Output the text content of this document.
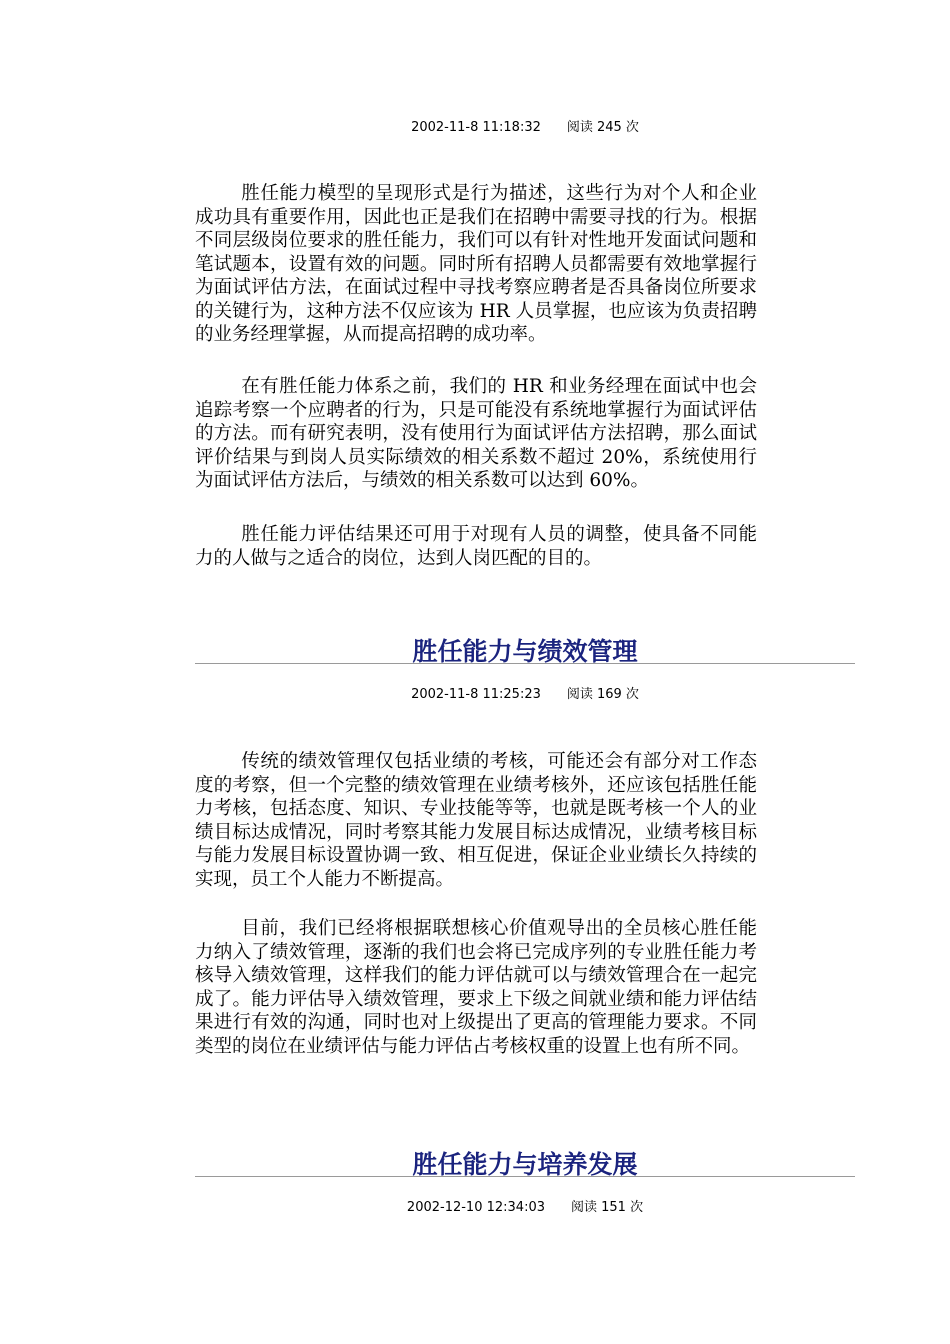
2002-11-8 11:18:32 阅读 245 次

胜任能力模型的呈现形式是行为描述，这些行为对个人和企业成功具有重要作用，因此也正是我们在招聘中需要寻找的行为。根据不同层级岗位要求的胜任能力，我们可以有针对性地开发面试问题和笔试题本，设置有效的问题。同时所有招聘人员都需要有效地掌握行为面试评估方法，在面试过程中寻找考察应聘者是否具备岗位所要求的关键行为，这种方法不仅应该为 HR 人员掌握，也应该为负责招聘的业务经理掌握，从而提高招聘的成功率。

在有胜任能力体系之前，我们的 HR 和业务经理在面试中也会追踪考察一个应聘者的行为，只是可能没有系统地掌握行为面试评估的方法。而有研究表明，没有使用行为面试评估方法招聘，那么面试评价结果与到岗人员实际绩效的相关系数不超过 20%，系统使用行为面试评估方法后，与绩效的相关系数可以达到 60%。

胜任能力评估结果还可用于对现有人员的调整，使具备不同能力的人做与之适合的岗位，达到人岗匹配的目的。

胜任能力与绩效管理
2002-11-8 11:25:23 阅读 169 次

传统的绩效管理仅包括业绩的考核，可能还会有部分对工作态度的考察，但一个完整的绩效管理在业绩考核外，还应该包括胜任能力考核，包括态度、知识、专业技能等等，也就是既考核一个人的业绩目标达成情况，同时考察其能力发展目标达成情况，业绩考核目标与能力发展目标设置协调一致、相互促进，保证企业业绩长久持续的实现，员工个人能力不断提高。

目前，我们已经将根据联想核心价值观导出的全员核心胜任能力纳入了绩效管理，逐渐的我们也会将已完成序列的专业胜任能力考核导入绩效管理，这样我们的能力评估就可以与绩效管理合在一起完成了。能力评估导入绩效管理，要求上下级之间就业绩和能力评估结果进行有效的沟通，同时也对上级提出了更高的管理能力要求。不同类型的岗位在业绩评估与能力评估占考核权重的设置上也有所不同。

胜任能力与培养发展
2002-12-10 12:34:03 阅读 151 次
